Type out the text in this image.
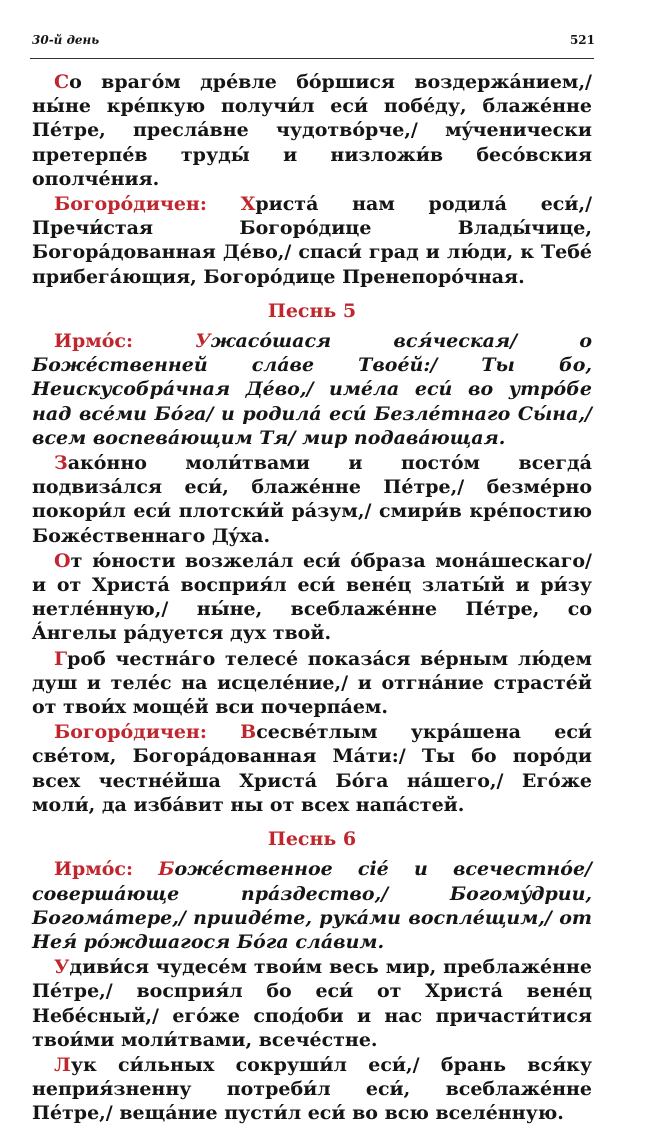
30-й день	521

Со врагóм дрéвле бóршися воздержáнием,/ ны́не крéпкую получи́л еси́ побéду, блажéнне Пéтре, преслáвне чудотвóрче,/ мýченически претерпéв труды́ и низложи́в бесóвския ополчéния.

Богорóдичен: Христá нам родилá еси́,/ Пречи́стая Богорóдице Влады́чице, Богорáдованная Дéво,/ спаси́ град и лю́ди, к Тебé прибегáющия, Богорóдице Пренепорóчная.

Песнь 5

Ирмóс: Ужасóшася вся́ческая/ о Божéственней слáве Твоéй:/ Ты бо, Неискусобрáчная Дéво,/ имéла еси́ во утрóбе над всéми Бóга/ и родилá еси́ Безлéтнаго Сы́на,/ всем воспевáющим Тя/ мир подавáющая.

Закóнно моли́твами и постóм всегдá подвизáлся еси́, блажéнне Пéтре,/ безмéрно покори́л еси́ плотски́й рáзум,/ смири́в крéпостию Божéственнаго Дýха.

От ю́ности возжелáл еси́ óбраза монáшескаго/ и от Христá восприя́л еси́ венéц златы́й и ри́зу нетлéнную,/ ны́не, всеблажéнне Пéтре, со Áнгелы рáдуется дух твой.

Гроб честнáго телесé показáся вéрным лю́дем душ и телéс на исцелéние,/ и отгнáние страстéй от твои́х мощéй вси почерпáем.

Богорóдичен: Всесвéтлым укрáшена еси́ свéтом, Богорáдованная Мáти:/ Ты бо порóди всех честнéйша Христá Бóга нáшего,/ Егóже моли́, да избáвит ны от всех напáстей.

Песнь 6

Ирмóс: Божéственное сié и всечестнóе/ совершáюще прáздество,/ Богомýдрии, Богомáтере,/ приидéте, рукáми восплéщим,/ от Нея́ рóждшагося Бóга слáвим.

Удиви́ся чудесéм твои́м весь мир, преблажéнне Пéтре,/ восприя́л бо еси́ от Христá венéц Небéсный,/ егóже спод́оби и нас причасти́тися твои́ми моли́твами, всечéстне.

Лук си́льных сокруши́л еси́,/ брань вся́ку неприя́зненну потреби́л еси́, всеблажéнне Пéтре,/ вещáние пусти́л еси́ во всю вселéнную.
